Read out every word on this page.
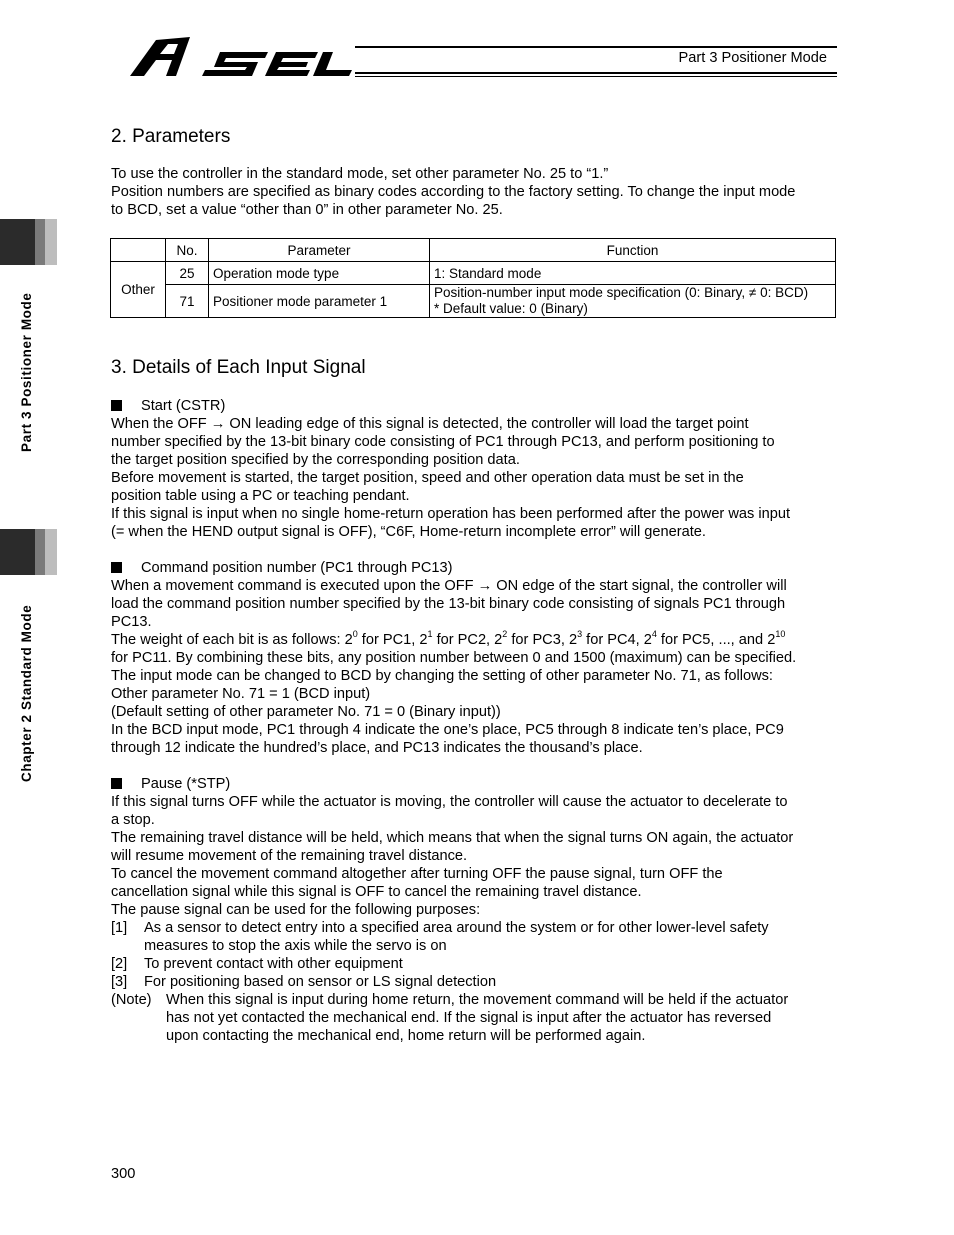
Part 3 Positioner Mode
Part 3 Positioner Mode
Chapter 2 Standard Mode
2. Parameters
To use the controller in the standard mode, set other parameter No. 25 to “1.”
Position numbers are specified as binary codes according to the factory setting. To change the input mode
to BCD, set a value “other than 0” in other parameter No. 25.
	No.	Parameter	Function
Other	25	Operation mode type	1: Standard mode
	71	Positioner mode parameter 1	Position-number input mode specification (0: Binary, ≠ 0: BCD)
* Default value: 0 (Binary)
3. Details of Each Input Signal
Start (CSTR)
When the OFF → ON leading edge of this signal is detected, the controller will load the target point
number specified by the 13-bit binary code consisting of PC1 through PC13, and perform positioning to
the target position specified by the corresponding position data.
Before movement is started, the target position, speed and other operation data must be set in the
position table using a PC or teaching pendant.
If this signal is input when no single home-return operation has been performed after the power was input
(= when the HEND output signal is OFF), “C6F, Home-return incomplete error” will generate.
Command position number (PC1 through PC13)
When a movement command is executed upon the OFF → ON edge of the start signal, the controller will
load the command position number specified by the 13-bit binary code consisting of signals PC1 through
PC13.
The weight of each bit is as follows: $2^0$ for PC1, $2^1$ for PC2, $2^2$ for PC3, $2^3$ for PC4, $2^4$ for PC5, ..., and $2^{10}$
for PC11. By combining these bits, any position number between 0 and 1500 (maximum) can be specified.
The input mode can be changed to BCD by changing the setting of other parameter No. 71, as follows:
Other parameter No. 71 = 1 (BCD input)
(Default setting of other parameter No. 71 = 0 (Binary input))
In the BCD input mode, PC1 through 4 indicate the one’s place, PC5 through 8 indicate ten’s place, PC9
through 12 indicate the hundred’s place, and PC13 indicates the thousand’s place.
Pause (*STP)
If this signal turns OFF while the actuator is moving, the controller will cause the actuator to decelerate to
a stop.
The remaining travel distance will be held, which means that when the signal turns ON again, the actuator
will resume movement of the remaining travel distance.
To cancel the movement command altogether after turning OFF the pause signal, turn OFF the
cancellation signal while this signal is OFF to cancel the remaining travel distance.
The pause signal can be used for the following purposes:
[1]	As a sensor to detect entry into a specified area around the system or for other lower-level safety
measures to stop the axis while the servo is on
[2]	To prevent contact with other equipment
[3]	For positioning based on sensor or LS signal detection
(Note) When this signal is input during home return, the movement command will be held if the actuator
has not yet contacted the mechanical end. If the signal is input after the actuator has reversed
upon contacting the mechanical end, home return will be performed again.
300
